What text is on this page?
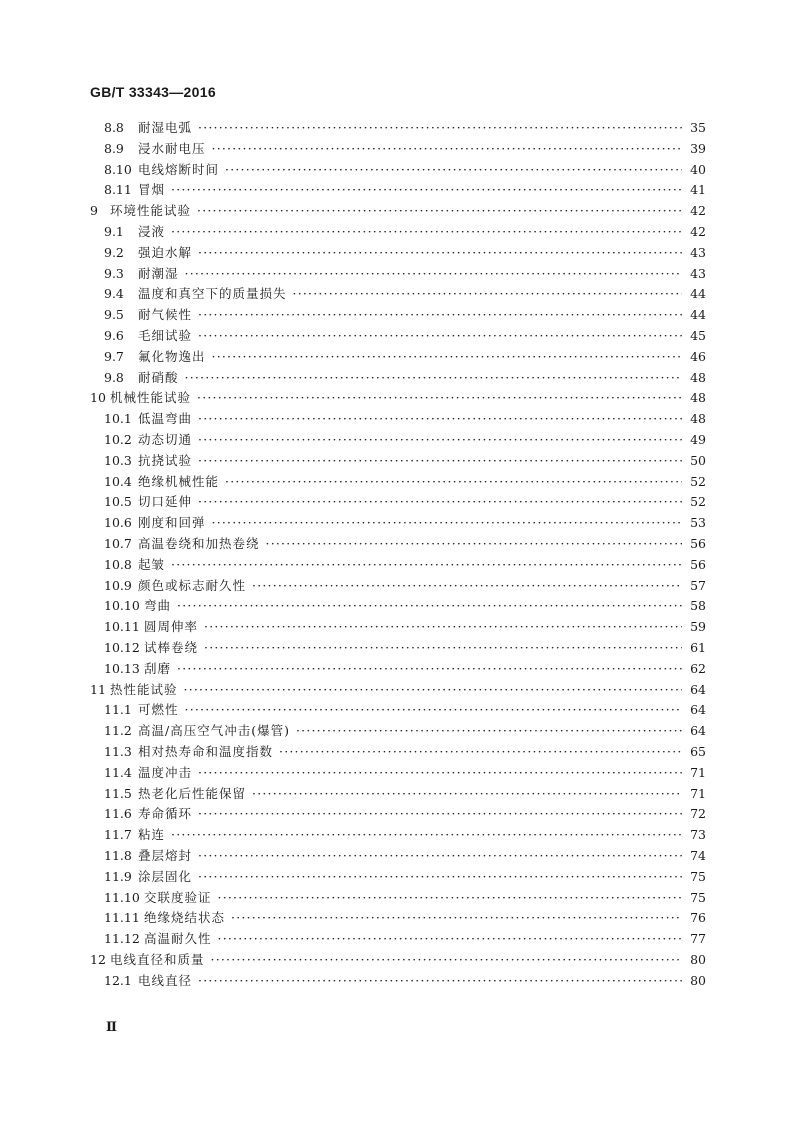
GB/T 33343—2016
8.8	耐湿电弧 ·····	35
8.9	浸水耐电压 ·····	39
8.10 电线熔断时间 ·····	40
8.11 冒烟 ·····	41
9 环境性能试验 ·····	42
9.1	浸液 ·····	42
9.2	强迫水解 ·····	43
9.3	耐潮湿 ·····	43
9.4	温度和真空下的质量损失 ·····	44
9.5	耐气候性 ·····	44
9.6	毛细试验 ·····	45
9.7	氟化物逸出 ·····	46
9.8	耐硝酸 ·····	48
10 机械性能试验 ·····	48
10.1 低温弯曲 ·····	48
10.2 动态切通 ·····	49
10.3 抗挠试验 ·····	50
10.4 绝缘机械性能 ·····	52
10.5 切口延伸 ·····	52
10.6 刚度和回弹 ·····	53
10.7 高温卷绕和加热卷绕 ·····	56
10.8 起皱 ·····	56
10.9 颜色或标志耐久性 ·····	57
10.10 弯曲 ·····	58
10.11 圆周伸率 ·····	59
10.12 试棒卷绕 ·····	61
10.13 刮磨 ·····	62
11 热性能试验 ·····	64
11.1 可燃性 ·····	64
11.2 高温/高压空气冲击(爆管) ·····	64
11.3 相对热寿命和温度指数 ·····	65
11.4 温度冲击 ·····	71
11.5 热老化后性能保留 ·····	71
11.6 寿命循环 ·····	72
11.7 粘连 ·····	73
11.8 叠层熔封 ·····	74
11.9 涂层固化 ·····	75
11.10 交联度验证 ·····	75
11.11 绝缘烧结状态 ·····	76
11.12 高温耐久性 ·····	77
12 电线直径和质量 ·····	80
12.1 电线直径 ·····	80
Ⅱ
